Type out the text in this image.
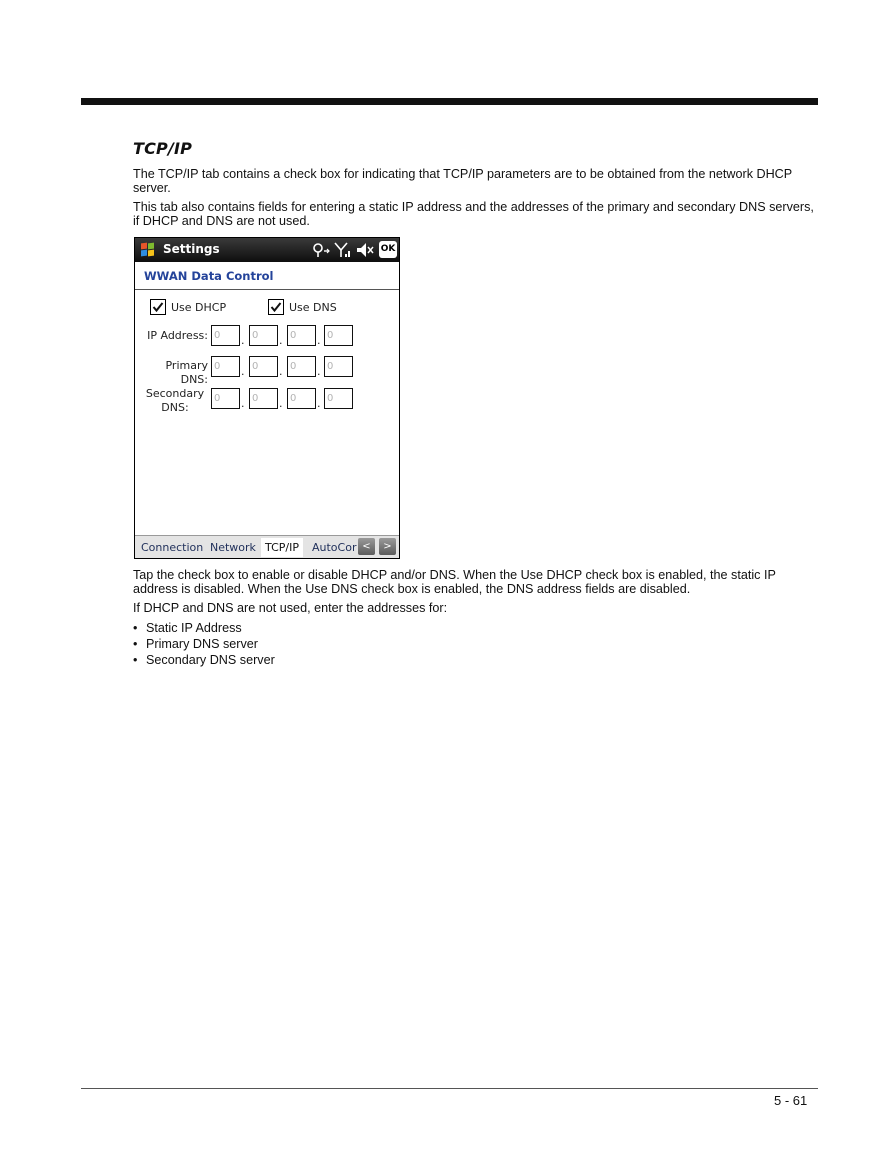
TCP/IP

The TCP/IP tab contains a check box for indicating that TCP/IP parameters are to be obtained from the network DHCP server.

This tab also contains fields for entering a static IP address and the addresses of the primary and secondary DNS servers, if DHCP and DNS are not used.

Settings	OK
WWAN Data Control
Use DHCP	Use DNS
IP Address: 0	. 0	. 0	. 0
Primary DNS:
0	. 0	. 0	. 0
Secondary
DNS:
0	. 0	. 0	. 0
Connection Network TCP/IP	AutoCor <	>

Tap the check box to enable or disable DHCP and/or DNS. When the Use DHCP check box is enabled, the static IP address is disabled. When the Use DNS check box is enabled, the DNS address fields are disabled.

If DHCP and DNS are not used, enter the addresses for:

• Static IP Address
• Primary DNS server
• Secondary DNS server
5 - 61
